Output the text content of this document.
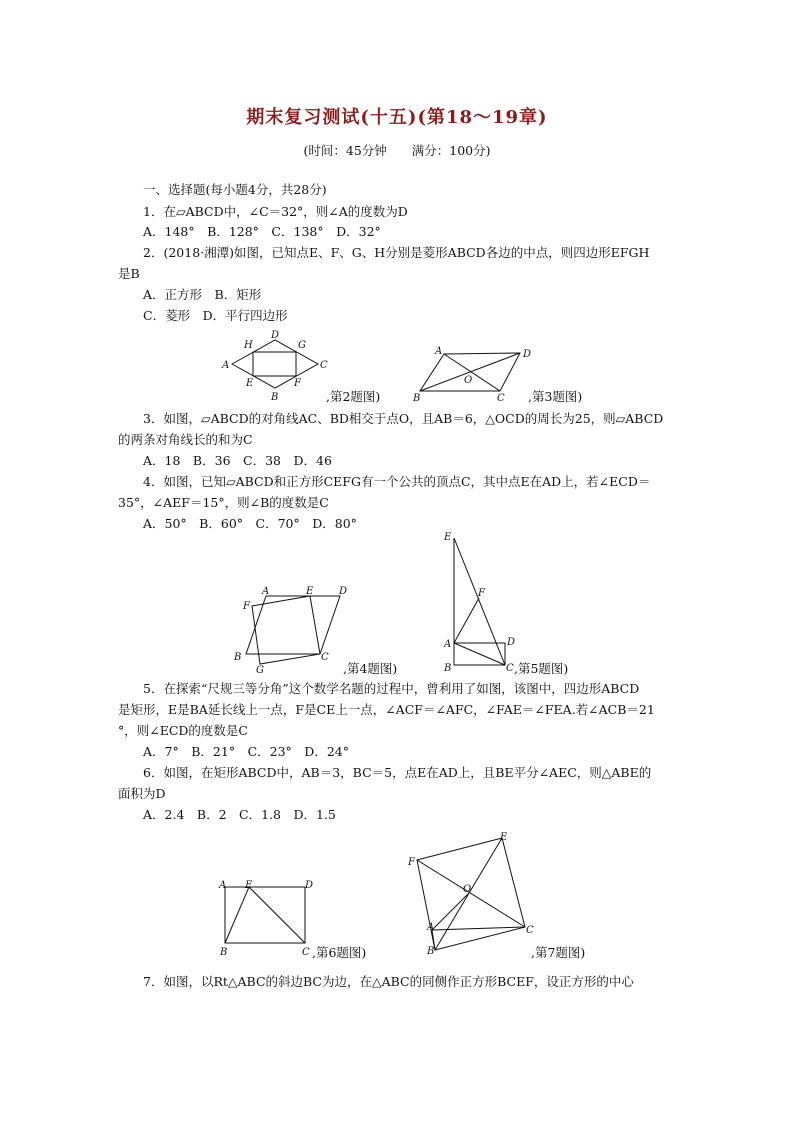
期末复习测试(十五)(第18～19章)
(时间：45分钟　　满分：100分)
一、选择题(每小题4分，共28分)
1．在▱ABCD中，∠C＝32°，则∠A的度数为D
A．148°　B．128°　C．138°　D．32°
2．(2018·湘潭)如图，已知点E、F、G、H分别是菱形ABCD各边的中点，则四边形EFGH
是B
A．正方形　B．矩形
C．菱形　D．平行四边形
A
H
D
G
C
E	F
B	,第2题图)
A	D
O
B	C ,第3题图)
3．如图，▱ABCD的对角线AC、BD相交于点O，且AB＝6，△OCD的周长为25，则▱ABCD
的两条对角线长的和为C
A．18　B．36　C．38　D．46
4．如图，已知▱ABCD和正方形CEFG有一个公共的顶点C，其中点E在AD上，若∠ECD＝
35°，∠AEF＝15°，则∠B的度数是C
A．50°　B．60°　C．70°　D．80°
A	E	D
F
B	C
G	,第4题图)
E
F
A	D
B	C ,第5题图)
5．在探索“尺规三等分角”这个数学名题的过程中，曾利用了如图，该图中，四边形ABCD
是矩形，E是BA延长线上一点，F是CE上一点，∠ACF＝∠AFC，∠FAE＝∠FEA.若∠ACB＝21
°，则∠ECD的度数是C
A．7°　B．21°　C．23°　D．24°
6．如图，在矩形ABCD中，AB＝3，BC＝5，点E在AD上，且BE平分∠AEC，则△ABE的
面积为D
A．2.4　B．2　C．1.8　D．1.5
A E	D
B	C ,第6题图)
E
F
O
A	C
B	,第7题图)
7．如图，以Rt△ABC的斜边BC为边，在△ABC的同侧作正方形BCEF，设正方形的中心
